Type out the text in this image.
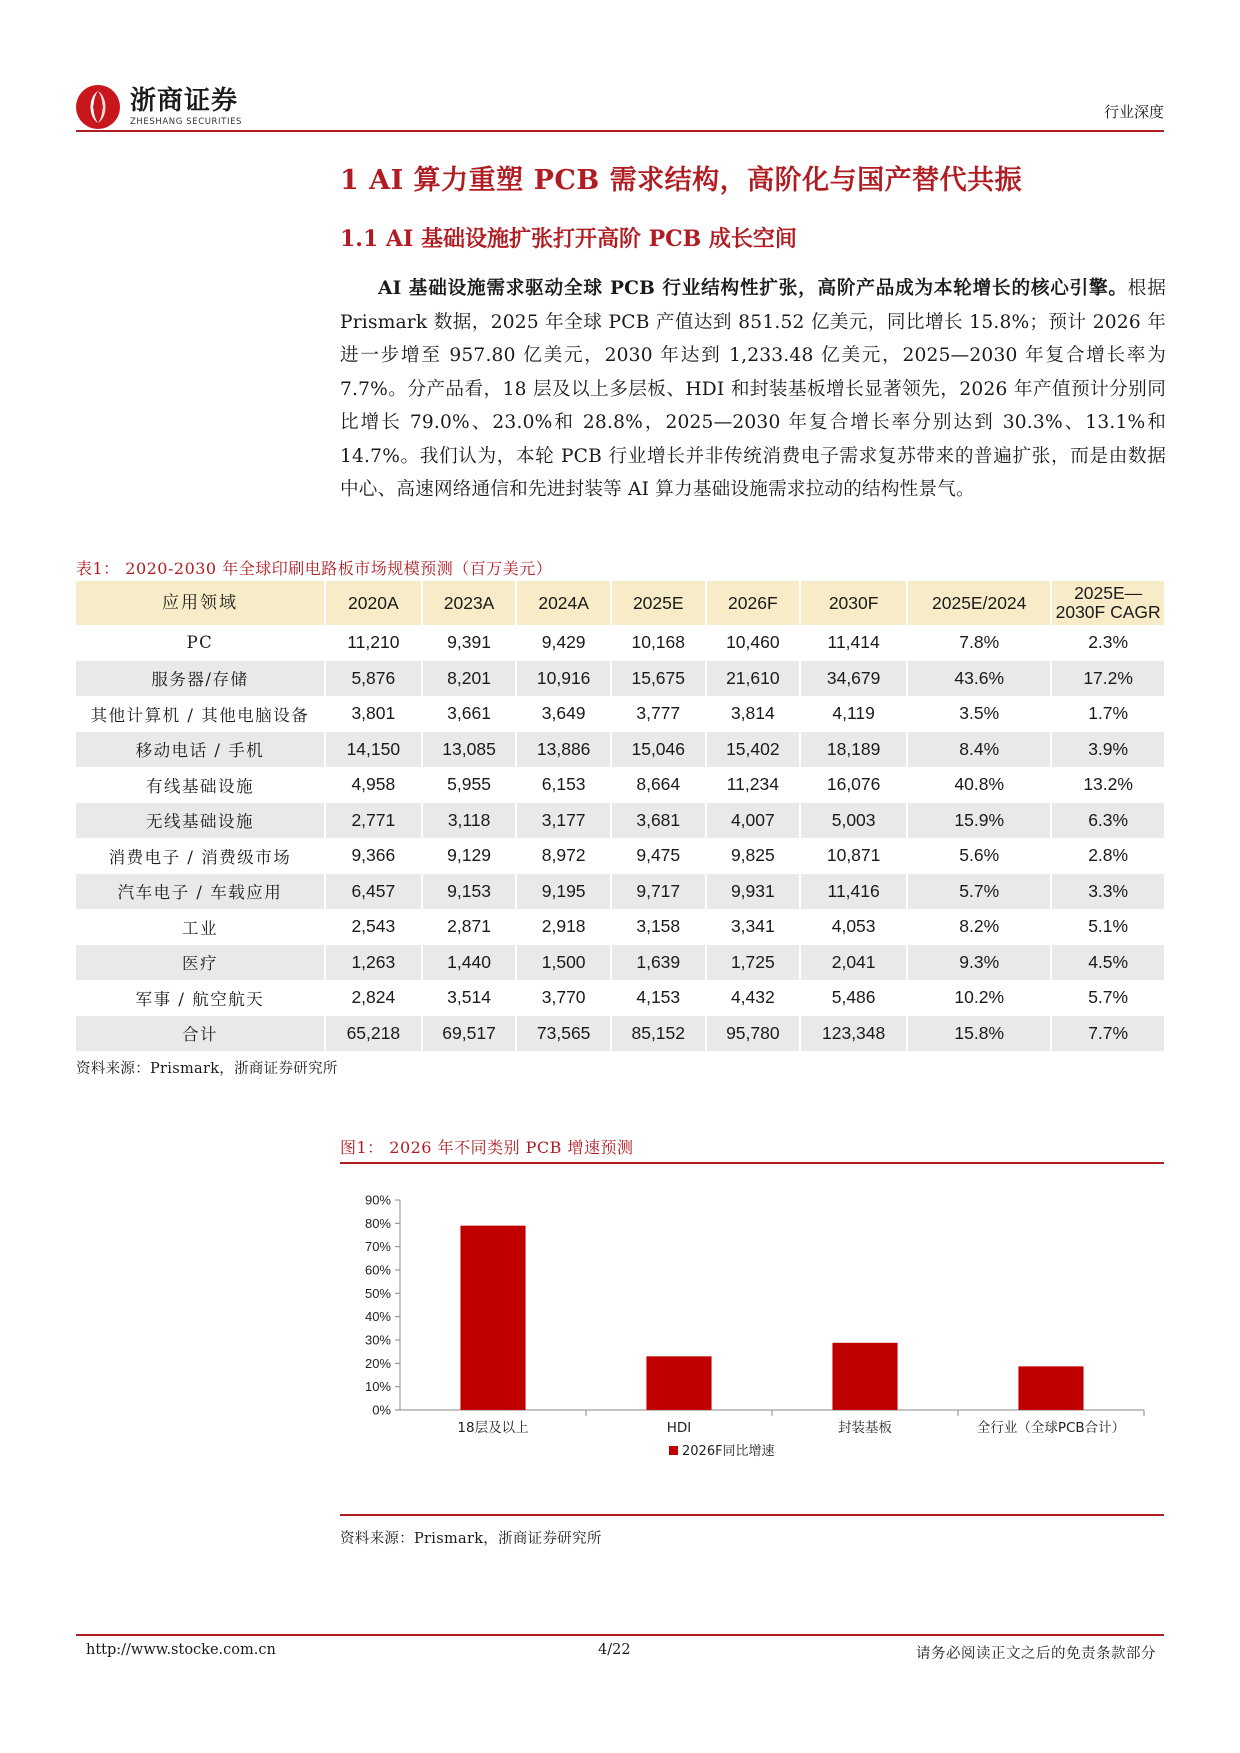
浙商证券
ZHESHANG SECURITIES
行业深度
1 AI 算力重塑 PCB 需求结构，高阶化与国产替代共振
1.1 AI 基础设施扩张打开高阶 PCB 成长空间

AI 基础设施需求驱动全球 PCB 行业结构性扩张，高阶产品成为本轮增长的核心引擎。根据 Prismark 数据，2025 年全球 PCB 产值达到 851.52 亿美元，同比增长 15.8%；预计 2026 年进一步增至 957.80 亿美元，2030 年达到 1,233.48 亿美元，2025—2030 年复合增长率为 7.7%。分产品看，18 层及以上多层板、HDI 和封装基板增长显著领先，2026 年产值预计分别同比增长 79.0%、23.0%和 28.8%，2025—2030 年复合增长率分别达到 30.3%、13.1%和 14.7%。我们认为，本轮 PCB 行业增长并非传统消费电子需求复苏带来的普遍扩张，而是由数据中心、高速网络通信和先进封装等 AI 算力基础设施需求拉动的结构性景气。

表1： 2020-2030 年全球印刷电路板市场规模预测（百万美元）
应用领域	2020A	2023A	2024A	2025E	2026F	2030F	2025E/2024	2025E—2030F CAGR
PC	11,210	9,391	9,429	10,168	10,460	11,414	7.8%	2.3%
服务器/存储	5,876	8,201	10,916	15,675	21,610	34,679	43.6%	17.2%
其他计算机 / 其他电脑设备	3,801	3,661	3,649	3,777	3,814	4,119	3.5%	1.7%
移动电话 / 手机	14,150	13,085	13,886	15,046	15,402	18,189	8.4%	3.9%
有线基础设施	4,958	5,955	6,153	8,664	11,234	16,076	40.8%	13.2%
无线基础设施	2,771	3,118	3,177	3,681	4,007	5,003	15.9%	6.3%
消费电子 / 消费级市场	9,366	9,129	8,972	9,475	9,825	10,871	5.6%	2.8%
汽车电子 / 车载应用	6,457	9,153	9,195	9,717	9,931	11,416	5.7%	3.3%
工业	2,543	2,871	2,918	3,158	3,341	4,053	8.2%	5.1%
医疗	1,263	1,440	1,500	1,639	1,725	2,041	9.3%	4.5%
军事 / 航空航天	2,824	3,514	3,770	4,153	4,432	5,486	10.2%	5.7%
合计	65,218	69,517	73,565	85,152	95,780	123,348	15.8%	7.7%
资料来源：Prismark，浙商证券研究所
图1： 2026 年不同类别 PCB 增速预测
0%
10%
20%
30%
40%
50%
60%
70%
80%
90%
18层及以上	HDI	封装基板	全行业（全球PCB合计）
2026F同比增速
资料来源：Prismark，浙商证券研究所
http://www.stocke.com.cn	4/22	请务必阅读正文之后的免责条款部分
